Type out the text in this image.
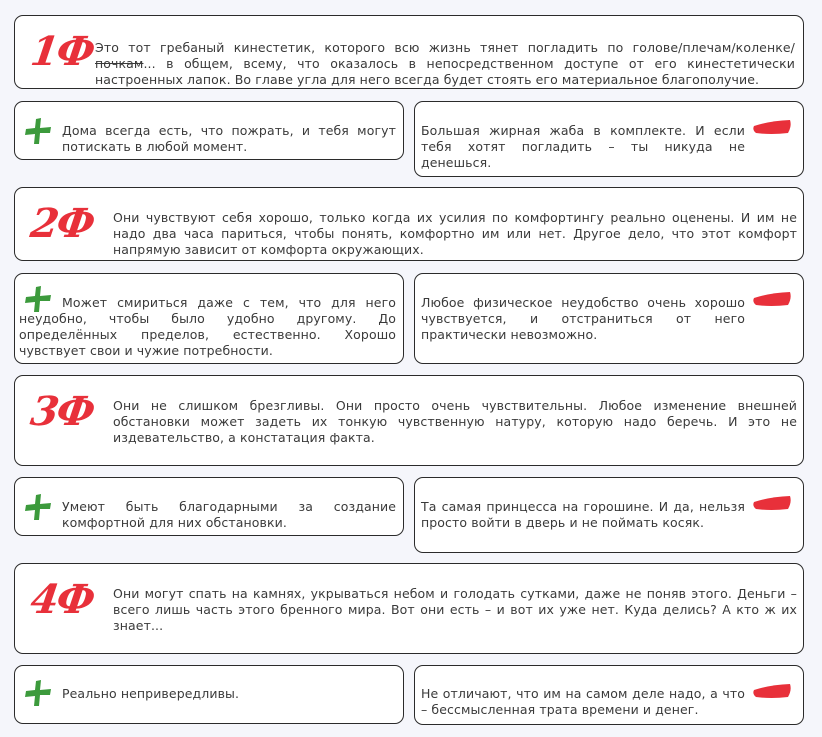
1Ф
Это тот гребаный кинестетик, которого всю жизнь тянет погладить по голове/плечам/коленке/почкам... в общем, всему, что оказалось в непосредственном доступе от его кинестетически настроенных лапок. Во главе угла для него всегда будет стоять его материальное благополучие.
Дома всегда есть, что пожрать, и тебя могут потискать в любой момент.
Большая жирная жаба в комплекте. И если тебя хотят погладить – ты никуда не денешься.
2Ф Они чувствуют себя хорошо, только когда их усилия по комфортингу реально оценены. И им не надо два часа париться, чтобы понять, комфортно им или нет. Другое дело, что этот комфорт напрямую зависит от комфорта окружающих.
Может смириться даже с тем, что для него неудобно, чтобы было удобно другому. До определённых пределов, естественно. Хорошо чувствует свои и чужие потребности.
Любое физическое неудобство очень хорошо чувствуется, и отстраниться от него практически невозможно.
3Ф Они не слишком брезгливы. Они просто очень чувствительны. Любое изменение внешней обстановки может задеть их тонкую чувственную натуру, которую надо беречь. И это не издевательство, а констатация факта.
Умеют быть благодарными за создание комфортной для них обстановки.
Та самая принцесса на горошине. И да, нельзя просто войти в дверь и не поймать косяк.
4Ф Они могут спать на камнях, укрываться небом и голодать сутками, даже не поняв этого. Деньги – всего лишь часть этого бренного мира. Вот они есть – и вот их уже нет. Куда делись? А кто ж их знает...
Реально непривередливы.	Не отличают, что им на самом деле надо, а что – бессмысленная трата времени и денег.
